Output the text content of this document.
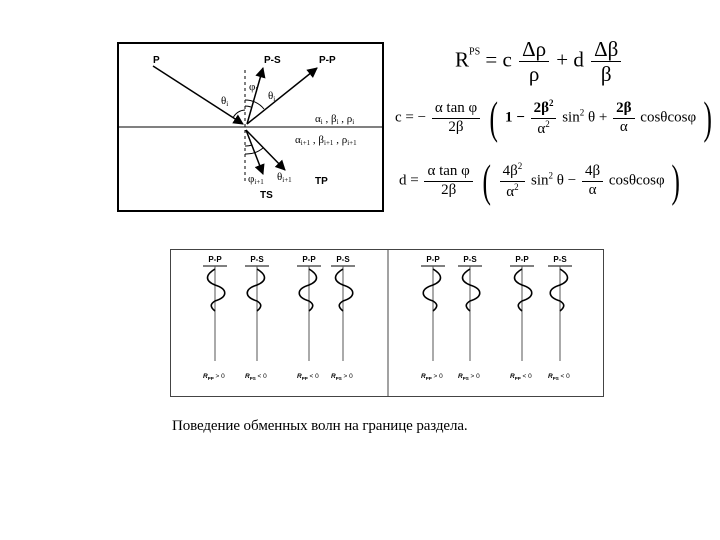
P	P-S	P-P
TS
TP
θi
φi θi
φi+1 θi+1
αi , βi , ρi
αi+1 , βi+1 , ρi+1
$R^{PS} = c \frac{\Delta\rho}{\rho} + d \frac{\Delta\beta}{\beta}$
c = − $\frac{\text{α tan φ}}{2\beta}$ ( $1 - \frac{2\beta^2}{\alpha^2} \sin^2 \theta + \frac{2\beta}{\alpha}$ cosθcosφ )
$d = \frac{\text{α tan φ}}{2\beta}$ ( $\frac{4\beta^2}{\alpha^2} \sin^2 \theta - \frac{4\beta}{\alpha}$ cosθcosφ )
P-P
$R_{PP} > 0$
P-S
$R_{PS} < 0$
P-P
$R_{PP} < 0$
P-S
$R_{PS} > 0$
P-P
$R_{PP} > 0$
P-S
$R_{PS} > 0$
P-P
$R_{PP} < 0$
P-S
$R_{PS} < 0$
Поведение обменных волн на границе раздела.
